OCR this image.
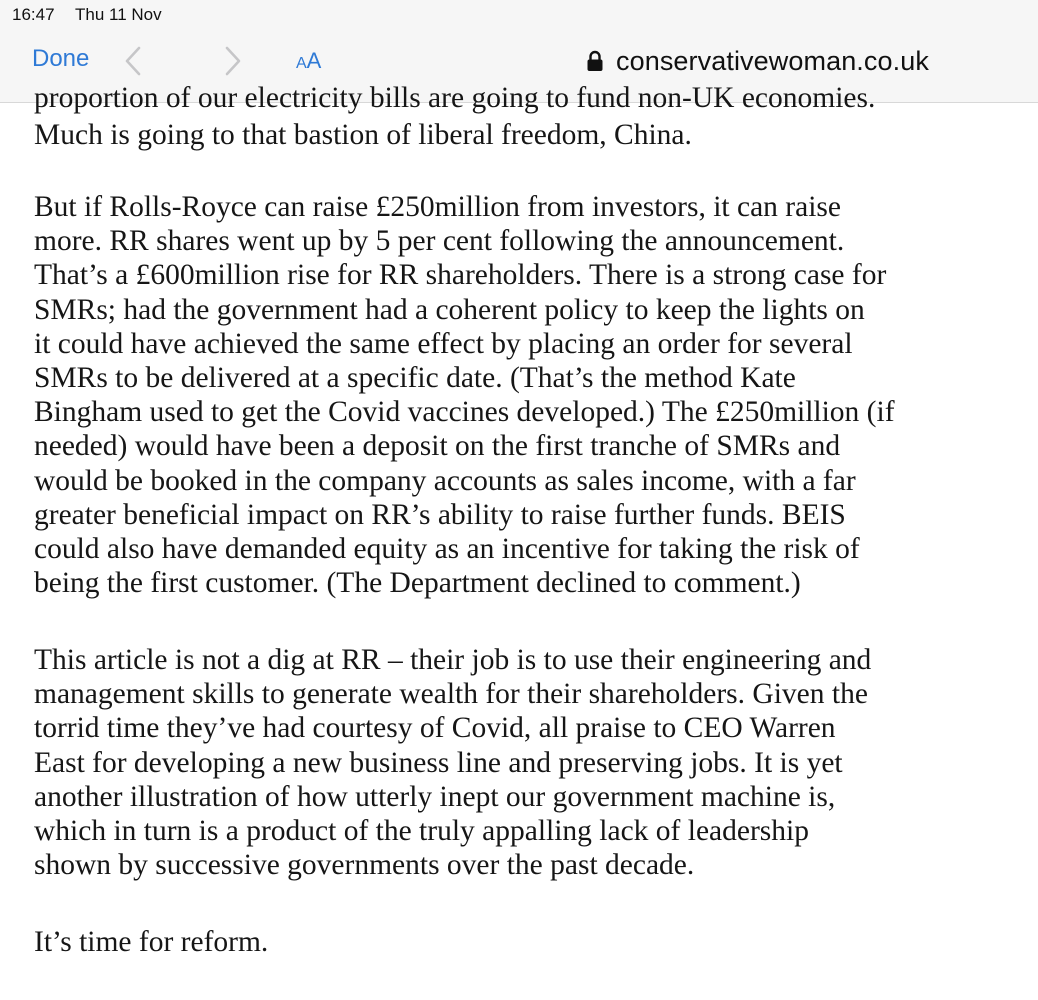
16:47 Thu 11 Nov
Done	AA	conservativewoman.co.uk
proportion of our electricity bills are going to fund non-UK economies.

Much is going to that bastion of liberal freedom, China.

But if Rolls-Royce can raise £250million from investors, it can raise
more. RR shares went up by 5 per cent following the announcement.
That’s a £600million rise for RR shareholders. There is a strong case for
SMRs; had the government had a coherent policy to keep the lights on
it could have achieved the same effect by placing an order for several
SMRs to be delivered at a specific date. (That’s the method Kate
Bingham used to get the Covid vaccines developed.) The £250million (if
needed) would have been a deposit on the first tranche of SMRs and
would be booked in the company accounts as sales income, with a far
greater beneficial impact on RR’s ability to raise further funds. BEIS
could also have demanded equity as an incentive for taking the risk of
being the first customer. (The Department declined to comment.)

This article is not a dig at RR – their job is to use their engineering and
management skills to generate wealth for their shareholders. Given the
torrid time they’ve had courtesy of Covid, all praise to CEO Warren
East for developing a new business line and preserving jobs. It is yet
another illustration of how utterly inept our government machine is,
which in turn is a product of the truly appalling lack of leadership
shown by successive governments over the past decade.

It’s time for reform.
